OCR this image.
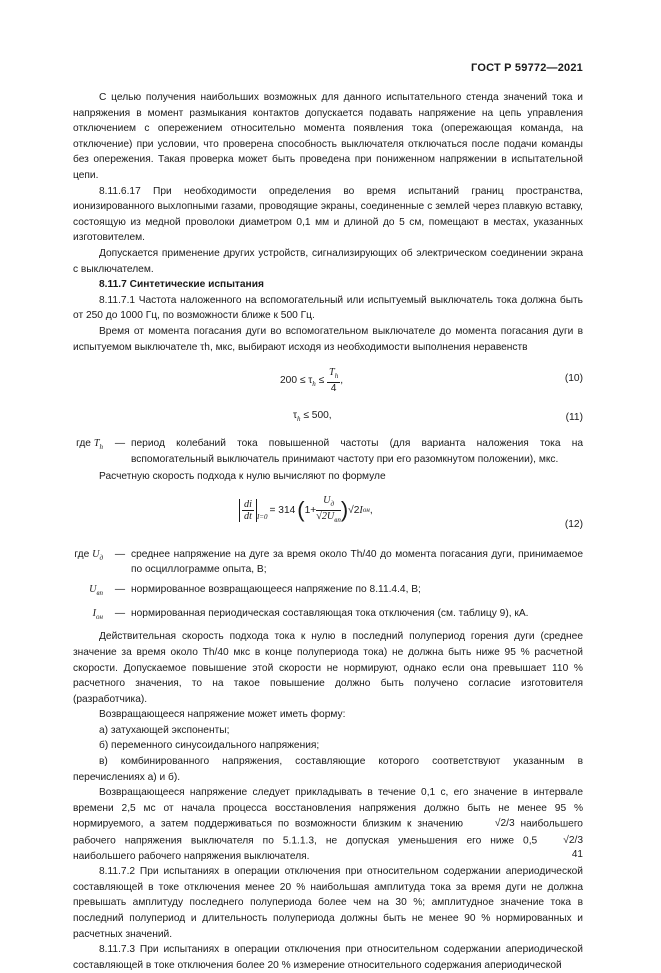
ГОСТ Р 59772—2021

С целью получения наибольших возможных для данного испытательного стенда значений тока и напряжения в момент размыкания контактов допускается подавать напряжение на цепь управления отключением с опережением относительно момента появления тока (опережающая команда, на отключение) при условии, что проверена способность выключателя отключаться после подачи команды без опережения. Такая проверка может быть проведена при пониженном напряжении в испытательной цепи.

8.11.6.17 При необходимости определения во время испытаний границ пространства, ионизированного выхлопными газами, проводящие экраны, соединенные с землей через плавкую вставку, состоящую из медной проволоки диаметром 0,1 мм и длиной до 5 см, помещают в местах, указанных изготовителем.

Допускается применение других устройств, сигнализирующих об электрическом соединении экрана с выключателем.

8.11.7 Синтетические испытания

8.11.7.1 Частота наложенного на вспомогательный или испытуемый выключатель тока должна быть от 250 до 1000 Гц, по возможности ближе к 500 Гц.

Время от момента погасания дуги во вспомогательном выключателе до момента погасания дуги в испытуемом выключателе τh, мкс, выбирают исходя из необходимости выполнения неравенств

$200 \le \tau_h \le \frac{T_h}{4}$ ,	(10)
$\tau_h \le 500$,	(11)
где $T_h$	— период колебаний тока повышенной частоты (для варианта наложения тока на вспомогательный выключатель принимают частоту при его разомкнутом положении), мкс.

Расчетную скорость подхода к нулю вычисляют по формуле

$\frac{di}{dt} _{I=0}$
= 314 ( $1+ \frac{U_д}{√2U_{вп}}$ ) √2 I он ,
(12)
где $U_д$	— среднее напряжение на дуге за время около Th/40 до момента погасания дуги, принимаемое по осциллограмме опыта, В;
$U_{вп}$	— нормированное возвращающееся напряжение по 8.11.4.4, В;
$I_{он}$	— нормированная периодическая составляющая тока отключения (см. таблицу 9), кА.

Действительная скорость подхода тока к нулю в последний полупериод горения дуги (среднее значение за время около Th/40 мкс в конце полупериода тока) не должна быть ниже 95 % расчетной скорости. Допускаемое повышение этой скорости не нормируют, однако если она превышает 110 % расчетного значения, то на такое повышение должно быть получено согласие изготовителя (разработчика).

Возвращающееся напряжение может иметь форму:

а) затухающей экспоненты;

б) переменного синусоидального напряжения;

в) комбинированного напряжения, составляющие которого соответствуют указанным в перечислениях а) и б).

Возвращающееся напряжение следует прикладывать в течение 0,1 с, его значение в интервале времени 2,5 мс от начала процесса восстановления напряжения должно быть не менее 95 % нормируемого, а затем поддерживаться по возможности близким к значению	√2/3 наибольшего рабочего напряжения выключателя по 5.1.1.3, не допуская уменьшения его ниже 0,5	√2/3 наибольшего рабочего напряжения выключателя.

8.11.7.2 При испытаниях в операции отключения при относительном содержании апериодической составляющей в токе отключения менее 20 % наибольшая амплитуда тока за время дуги не должна превышать амплитуду последнего полупериода более чем на 30 %; амплитудное значение тока в последний полупериод и длительность полупериода должны быть не менее 90 % нормированных и расчетных значений.

8.11.7.3 При испытаниях в операции отключения при относительном содержании апериодической составляющей в токе отключения более 20 % измерение относительного содержания апериодической

41
